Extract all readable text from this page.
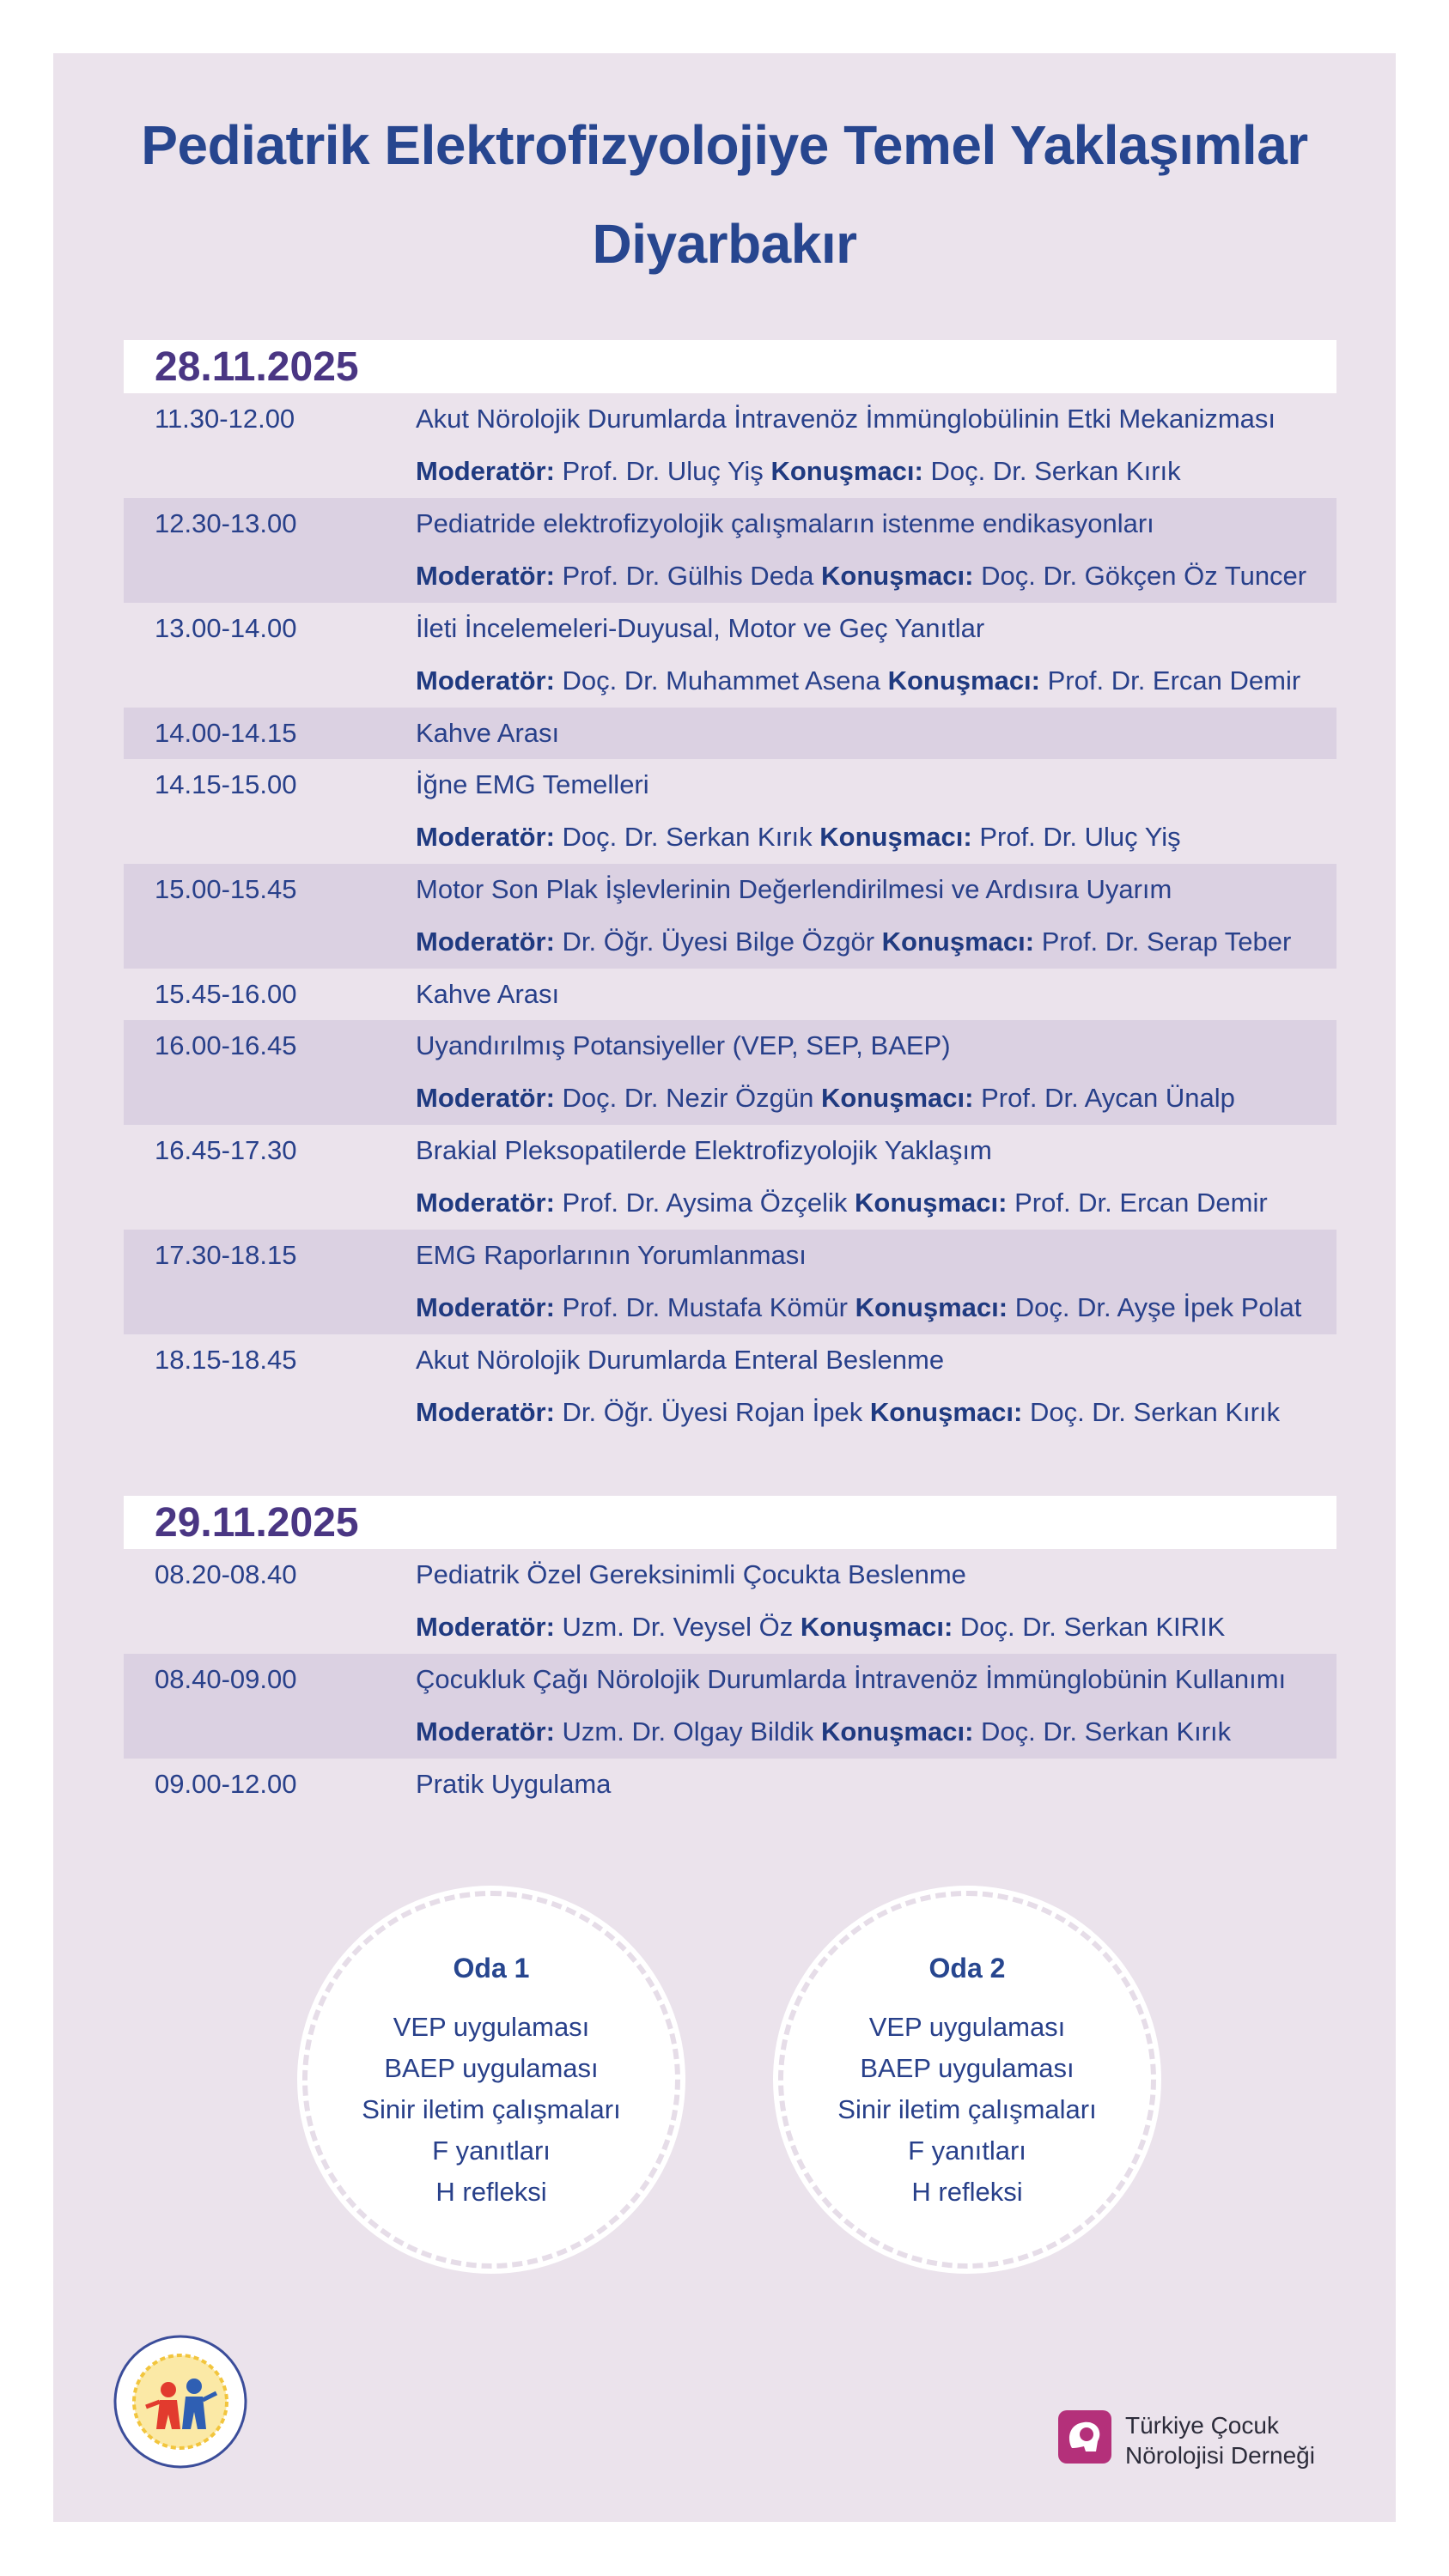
Pediatrik Elektrofizyolojiye Temel Yaklaşımlar
Diyarbakır
28.11.2025
11.30-12.00	Akut Nörolojik Durumlarda İntravenöz İmmünglobülinin Etki Mekanizması
Moderatör: Prof. Dr. Uluç Yiş Konuşmacı: Doç. Dr. Serkan Kırık
12.30-13.00	Pediatride elektrofizyolojik çalışmaların istenme endikasyonları
Moderatör: Prof. Dr. Gülhis Deda Konuşmacı: Doç. Dr. Gökçen Öz Tuncer
13.00-14.00	İleti İncelemeleri-Duyusal, Motor ve Geç Yanıtlar
Moderatör: Doç. Dr. Muhammet Asena Konuşmacı: Prof. Dr. Ercan Demir
14.00-14.15	Kahve Arası
14.15-15.00	İğne EMG Temelleri
Moderatör: Doç. Dr. Serkan Kırık Konuşmacı: Prof. Dr. Uluç Yiş
15.00-15.45	Motor Son Plak İşlevlerinin Değerlendirilmesi ve Ardısıra Uyarım
Moderatör: Dr. Öğr. Üyesi Bilge Özgör Konuşmacı: Prof. Dr. Serap Teber
15.45-16.00	Kahve Arası
16.00-16.45	Uyandırılmış Potansiyeller (VEP, SEP, BAEP)
Moderatör: Doç. Dr. Nezir Özgün Konuşmacı: Prof. Dr. Aycan Ünalp
16.45-17.30	Brakial Pleksopatilerde Elektrofizyolojik Yaklaşım
Moderatör: Prof. Dr. Aysima Özçelik Konuşmacı: Prof. Dr. Ercan Demir
17.30-18.15	EMG Raporlarının Yorumlanması
Moderatör: Prof. Dr. Mustafa Kömür Konuşmacı: Doç. Dr. Ayşe İpek Polat
18.15-18.45	Akut Nörolojik Durumlarda Enteral Beslenme
Moderatör: Dr. Öğr. Üyesi Rojan İpek Konuşmacı: Doç. Dr. Serkan Kırık
29.11.2025
08.20-08.40	Pediatrik Özel Gereksinimli Çocukta Beslenme
Moderatör: Uzm. Dr. Veysel Öz Konuşmacı: Doç. Dr. Serkan KIRIK
08.40-09.00	Çocukluk Çağı Nörolojik Durumlarda İntravenöz İmmünglobünin Kullanımı
Moderatör: Uzm. Dr. Olgay Bildik Konuşmacı: Doç. Dr. Serkan Kırık
09.00-12.00	Pratik Uygulama
Oda 1
VEP uygulaması
BAEP uygulaması
Sinir iletim çalışmaları
F yanıtları
H refleksi
Oda 2
VEP uygulaması
BAEP uygulaması
Sinir iletim çalışmaları
F yanıtları
H refleksi
Türkiye Çocuk
Nörolojisi Derneği
